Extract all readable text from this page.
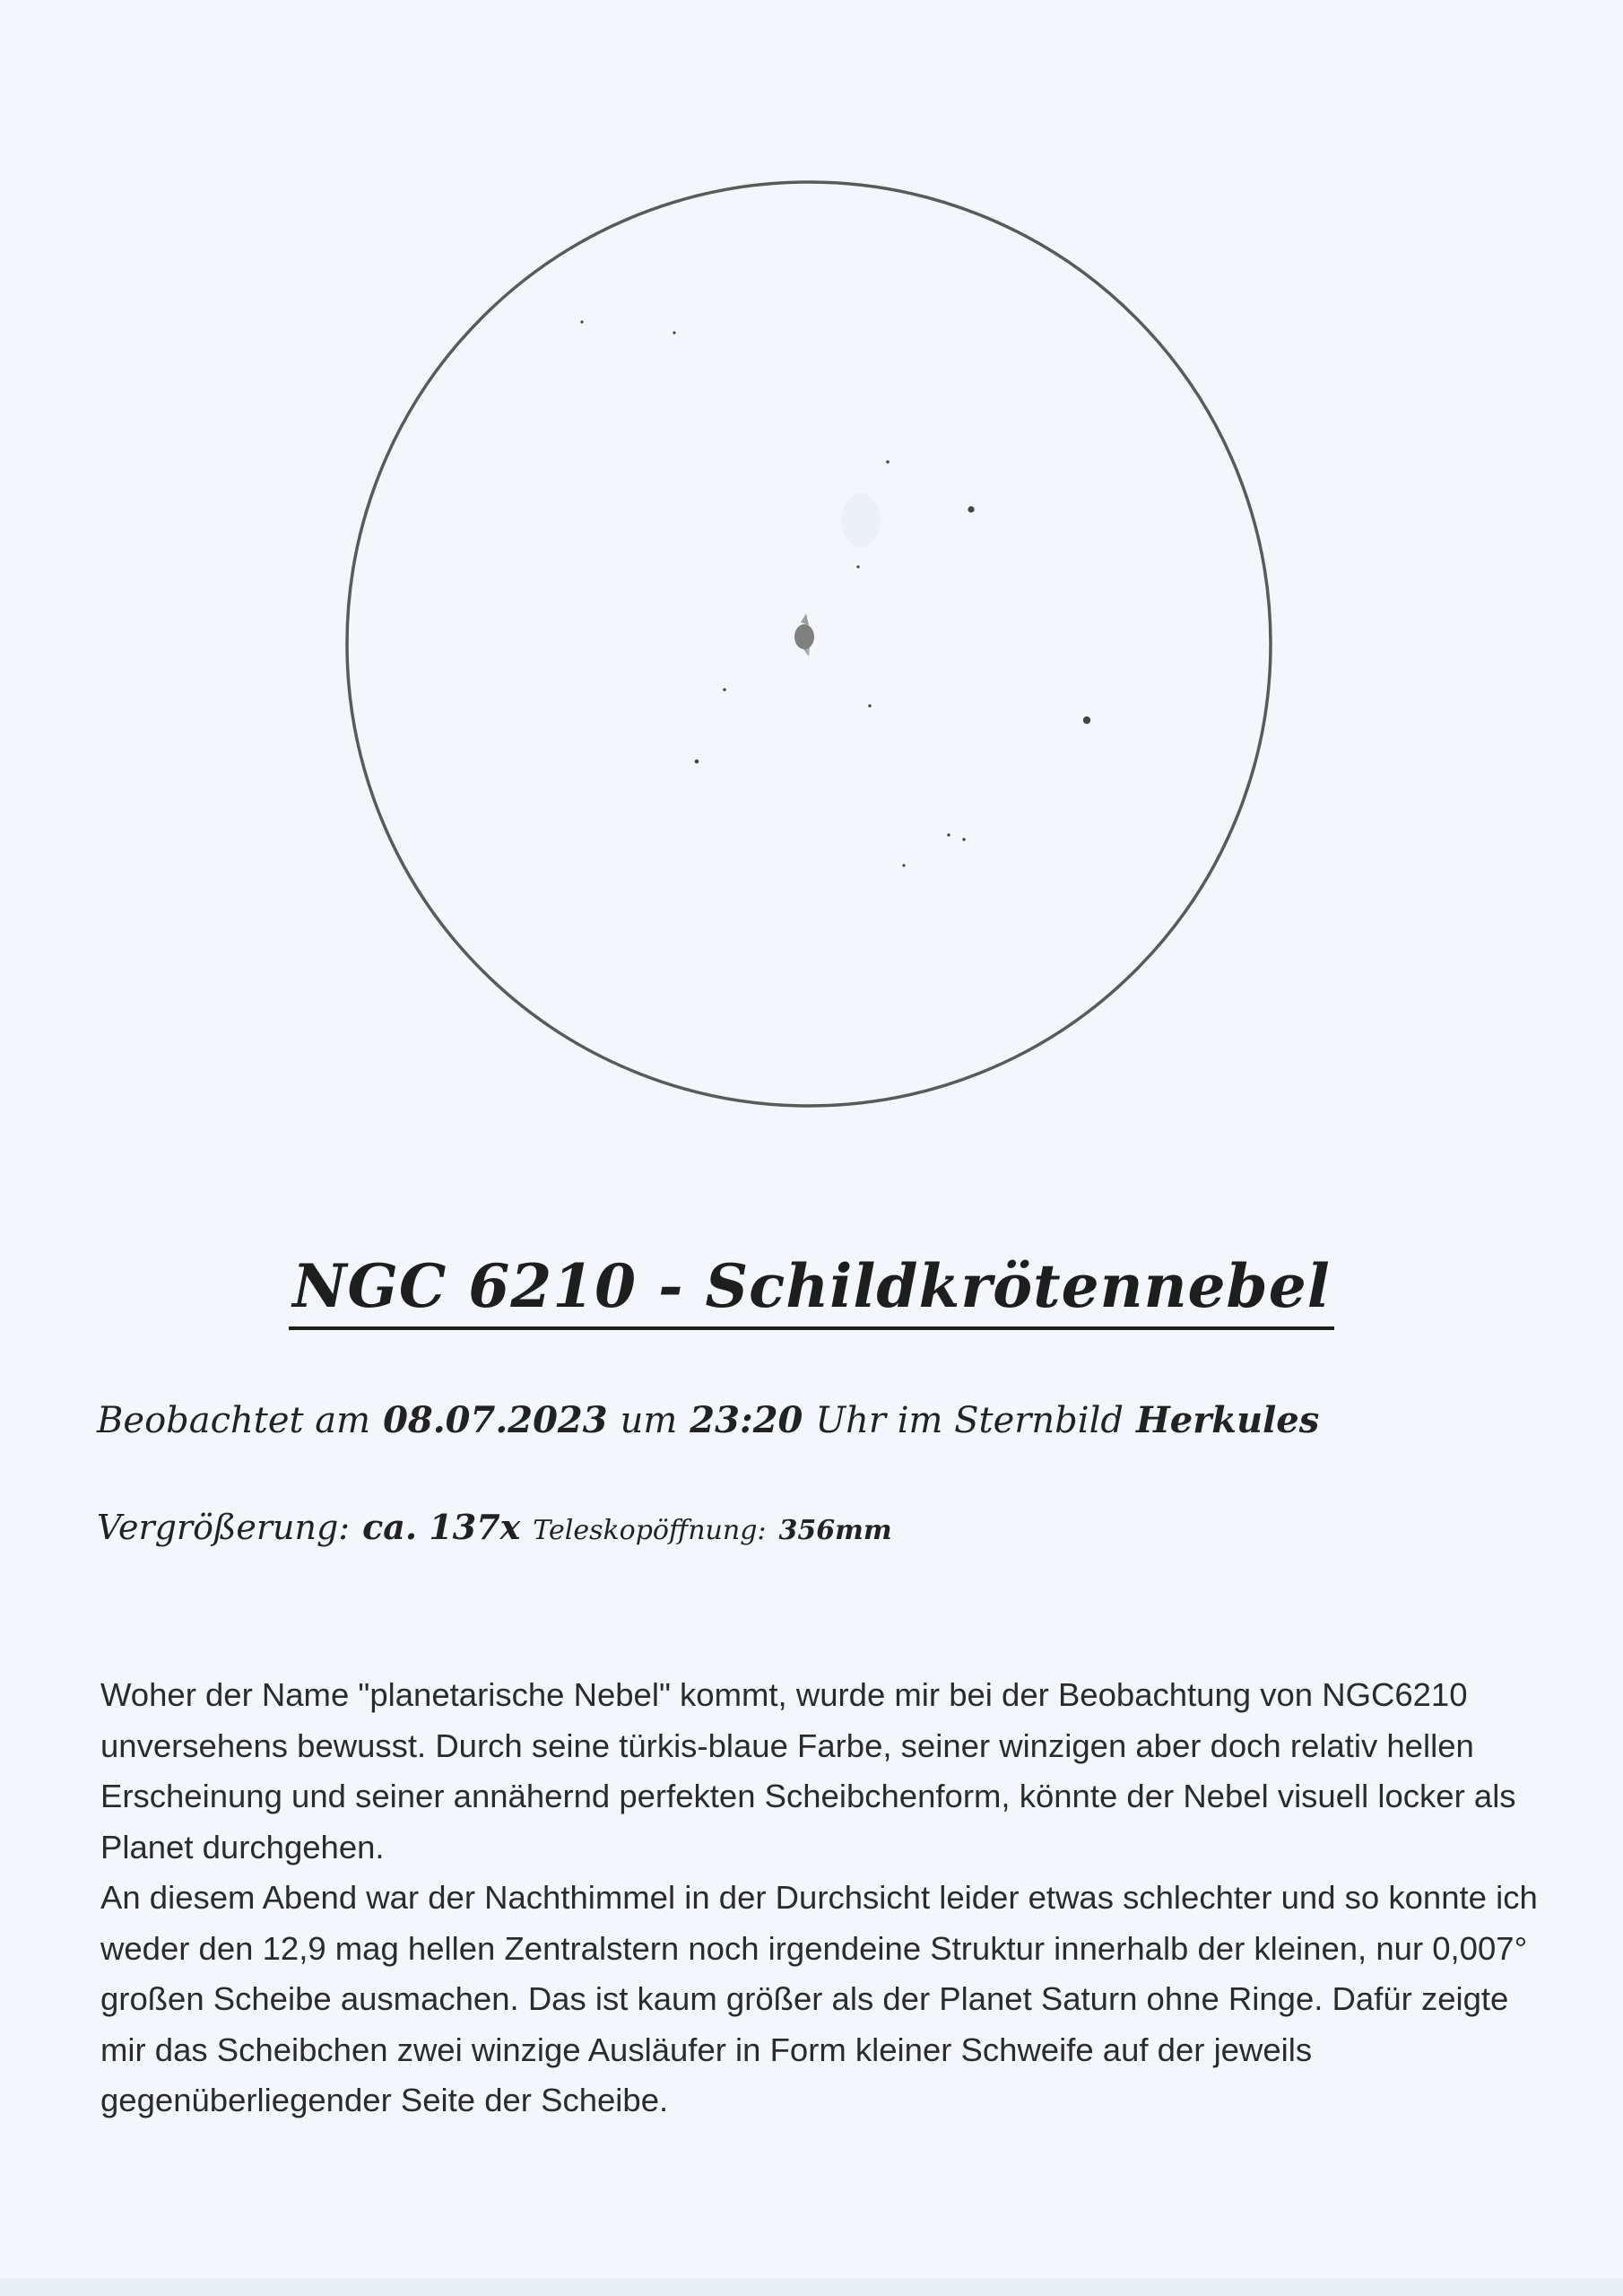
NGC 6210 - Schildkrötennebel
Beobachtet am 08.07.2023 um 23:20 Uhr im Sternbild Herkules
Vergrößerung: ca. 137x Teleskopöffnung: 356mm

Woher der Name "planetarische Nebel" kommt, wurde mir bei der Beobachtung von NGC6210 unversehens bewusst. Durch seine türkis-blaue Farbe, seiner winzigen aber doch relativ hellen Erscheinung und seiner annähernd perfekten Scheibchenform, könnte der Nebel visuell locker als Planet durchgehen.

An diesem Abend war der Nachthimmel in der Durchsicht leider etwas schlechter und so konnte ich weder den 12,9 mag hellen Zentralstern noch irgendeine Struktur innerhalb der kleinen, nur 0,007° großen Scheibe ausmachen. Das ist kaum größer als der Planet Saturn ohne Ringe. Dafür zeigte mir das Scheibchen zwei winzige Ausläufer in Form kleiner Schweife auf der jeweils gegenüberliegender Seite der Scheibe.
